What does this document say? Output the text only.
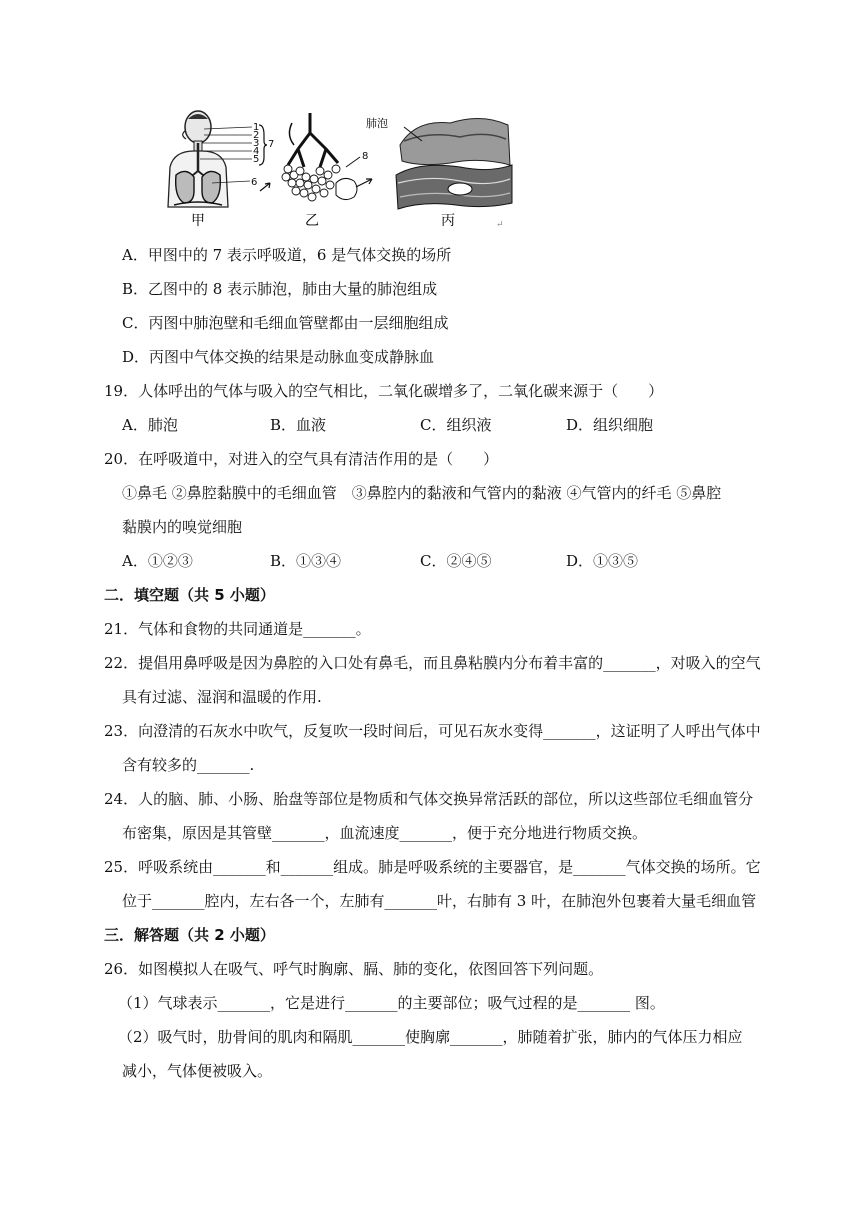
1
2
3
4
5
6
7
甲
8
乙
肺泡
丙	↵
A．甲图中的 7 表示呼吸道，6 是气体交换的场所
B．乙图中的 8 表示肺泡，肺由大量的肺泡组成
C．丙图中肺泡壁和毛细血管壁都由一层细胞组成
D．丙图中气体交换的结果是动脉血变成静脉血
19．人体呼出的气体与吸入的空气相比，二氧化碳增多了，二氧化碳来源于（　　）
A．肺泡	B．血液	C．组织液	D．组织细胞
20．在呼吸道中，对进入的空气具有清洁作用的是（　　）
①鼻毛 ②鼻腔黏膜中的毛细血管　③鼻腔内的黏液和气管内的黏液 ④气管内的纤毛 ⑤鼻腔
黏膜内的嗅觉细胞
A．①②③	B．①③④	C．②④⑤	D．①③⑤
二．填空题（共 5 小题）
21．气体和食物的共同通道是_______。
22．提倡用鼻呼吸是因为鼻腔的入口处有鼻毛，而且鼻粘膜内分布着丰富的_______，对吸入的空气
具有过滤、湿润和温暖的作用.
23．向澄清的石灰水中吹气，反复吹一段时间后，可见石灰水变得_______，这证明了人呼出气体中
含有较多的_______.
24．人的脑、肺、小肠、胎盘等部位是物质和气体交换异常活跃的部位，所以这些部位毛细血管分
布密集，原因是其管壁_______，血流速度_______，便于充分地进行物质交换。
25．呼吸系统由_______和_______组成。肺是呼吸系统的主要器官，是_______气体交换的场所。它
位于_______腔内，左右各一个，左肺有_______叶，右肺有 3 叶，在肺泡外包裹着大量毛细血管
三．解答题（共 2 小题）
26．如图模拟人在吸气、呼气时胸廓、膈、肺的变化，依图回答下列问题。
（1）气球表示_______，它是进行_______的主要部位；吸气过程的是_______ 图。
（2）吸气时，肋骨间的肌肉和隔肌_______使胸廓_______，肺随着扩张，肺内的气体压力相应
减小，气体便被吸入。
